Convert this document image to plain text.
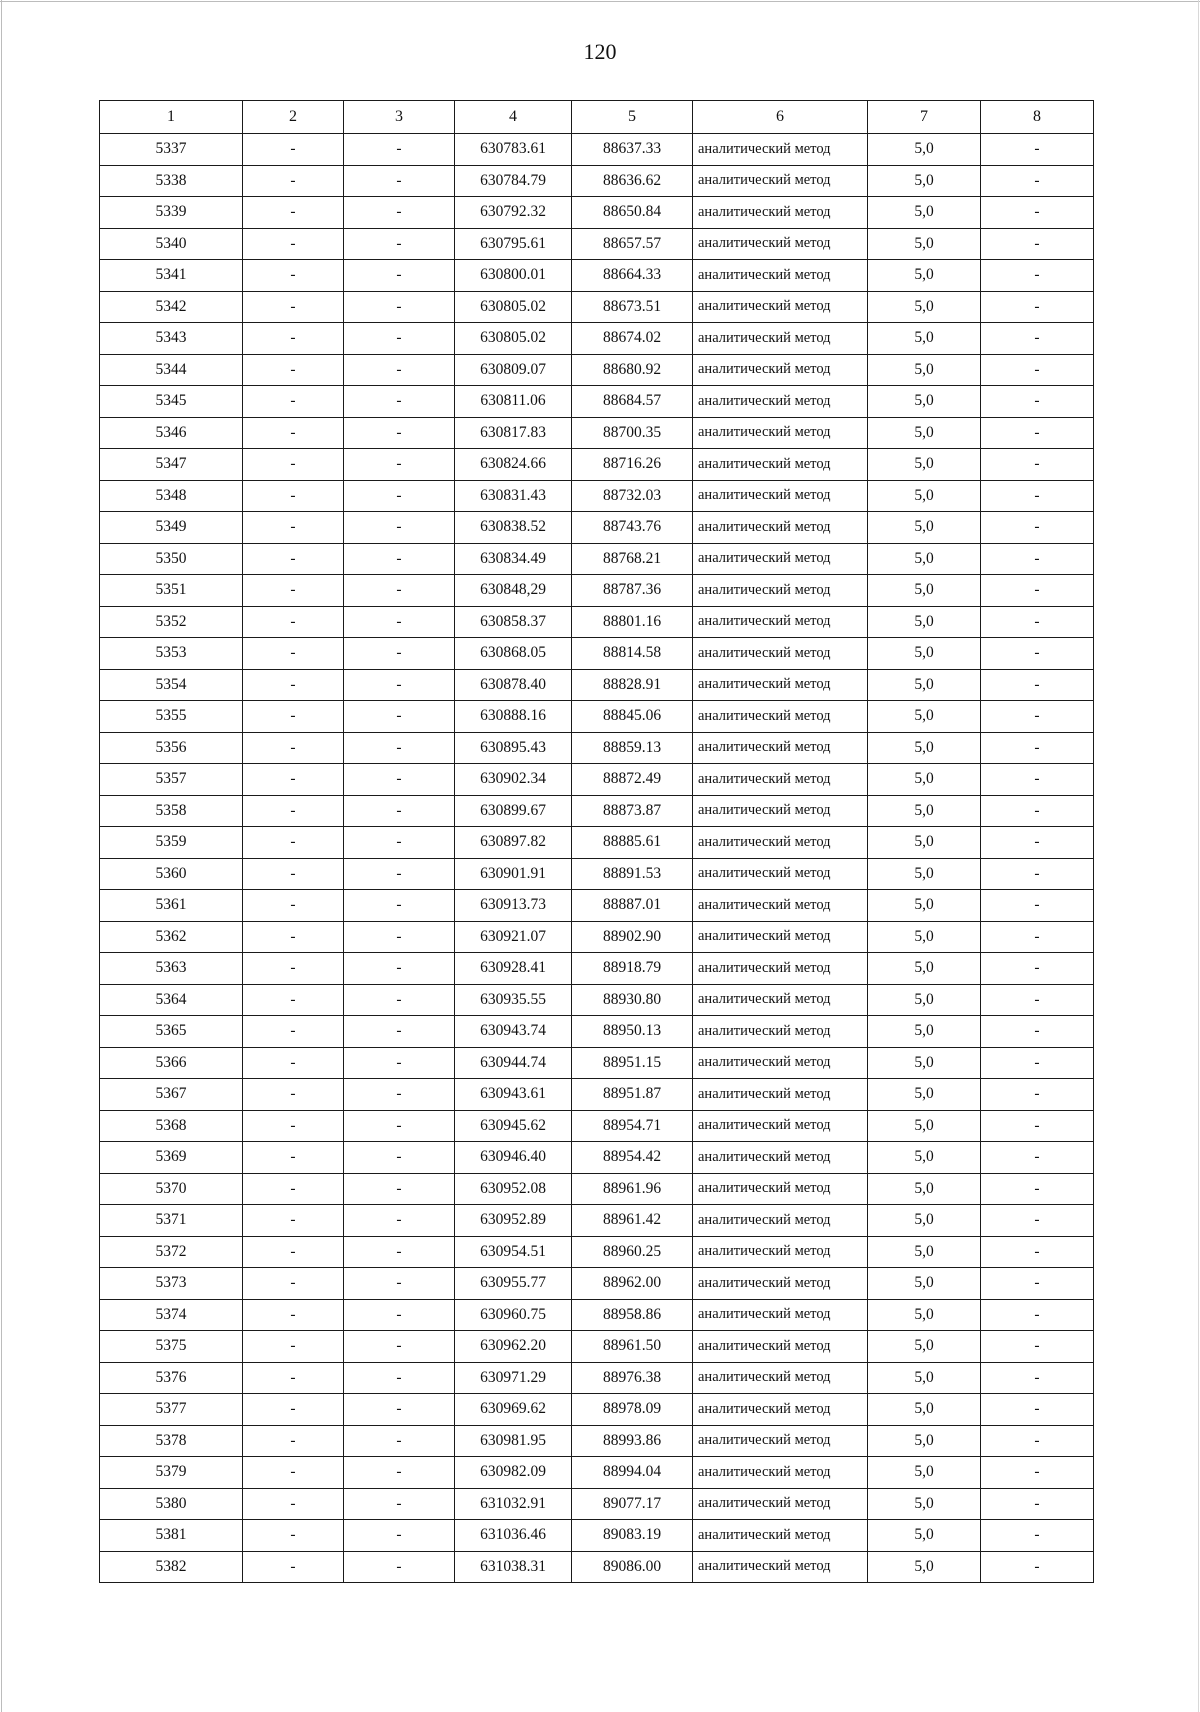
120
1	2	3	4	5	6	7	8
5337	-	-	630783.61	88637.33	аналитический метод	5,0	-
5338	-	-	630784.79	88636.62	аналитический метод	5,0	-
5339	-	-	630792.32	88650.84	аналитический метод	5,0	-
5340	-	-	630795.61	88657.57	аналитический метод	5,0	-
5341	-	-	630800.01	88664.33	аналитический метод	5,0	-
5342	-	-	630805.02	88673.51	аналитический метод	5,0	-
5343	-	-	630805.02	88674.02	аналитический метод	5,0	-
5344	-	-	630809.07	88680.92	аналитический метод	5,0	-
5345	-	-	630811.06	88684.57	аналитический метод	5,0	-
5346	-	-	630817.83	88700.35	аналитический метод	5,0	-
5347	-	-	630824.66	88716.26	аналитический метод	5,0	-
5348	-	-	630831.43	88732.03	аналитический метод	5,0	-
5349	-	-	630838.52	88743.76	аналитический метод	5,0	-
5350	-	-	630834.49	88768.21	аналитический метод	5,0	-
5351	-	-	630848,29	88787.36	аналитический метод	5,0	-
5352	-	-	630858.37	88801.16	аналитический метод	5,0	-
5353	-	-	630868.05	88814.58	аналитический метод	5,0	-
5354	-	-	630878.40	88828.91	аналитический метод	5,0	-
5355	-	-	630888.16	88845.06	аналитический метод	5,0	-
5356	-	-	630895.43	88859.13	аналитический метод	5,0	-
5357	-	-	630902.34	88872.49	аналитический метод	5,0	-
5358	-	-	630899.67	88873.87	аналитический метод	5,0	-
5359	-	-	630897.82	88885.61	аналитический метод	5,0	-
5360	-	-	630901.91	88891.53	аналитический метод	5,0	-
5361	-	-	630913.73	88887.01	аналитический метод	5,0	-
5362	-	-	630921.07	88902.90	аналитический метод	5,0	-
5363	-	-	630928.41	88918.79	аналитический метод	5,0	-
5364	-	-	630935.55	88930.80	аналитический метод	5,0	-
5365	-	-	630943.74	88950.13	аналитический метод	5,0	-
5366	-	-	630944.74	88951.15	аналитический метод	5,0	-
5367	-	-	630943.61	88951.87	аналитический метод	5,0	-
5368	-	-	630945.62	88954.71	аналитический метод	5,0	-
5369	-	-	630946.40	88954.42	аналитический метод	5,0	-
5370	-	-	630952.08	88961.96	аналитический метод	5,0	-
5371	-	-	630952.89	88961.42	аналитический метод	5,0	-
5372	-	-	630954.51	88960.25	аналитический метод	5,0	-
5373	-	-	630955.77	88962.00	аналитический метод	5,0	-
5374	-	-	630960.75	88958.86	аналитический метод	5,0	-
5375	-	-	630962.20	88961.50	аналитический метод	5,0	-
5376	-	-	630971.29	88976.38	аналитический метод	5,0	-
5377	-	-	630969.62	88978.09	аналитический метод	5,0	-
5378	-	-	630981.95	88993.86	аналитический метод	5,0	-
5379	-	-	630982.09	88994.04	аналитический метод	5,0	-
5380	-	-	631032.91	89077.17	аналитический метод	5,0	-
5381	-	-	631036.46	89083.19	аналитический метод	5,0	-
5382	-	-	631038.31	89086.00	аналитический метод	5,0	-
